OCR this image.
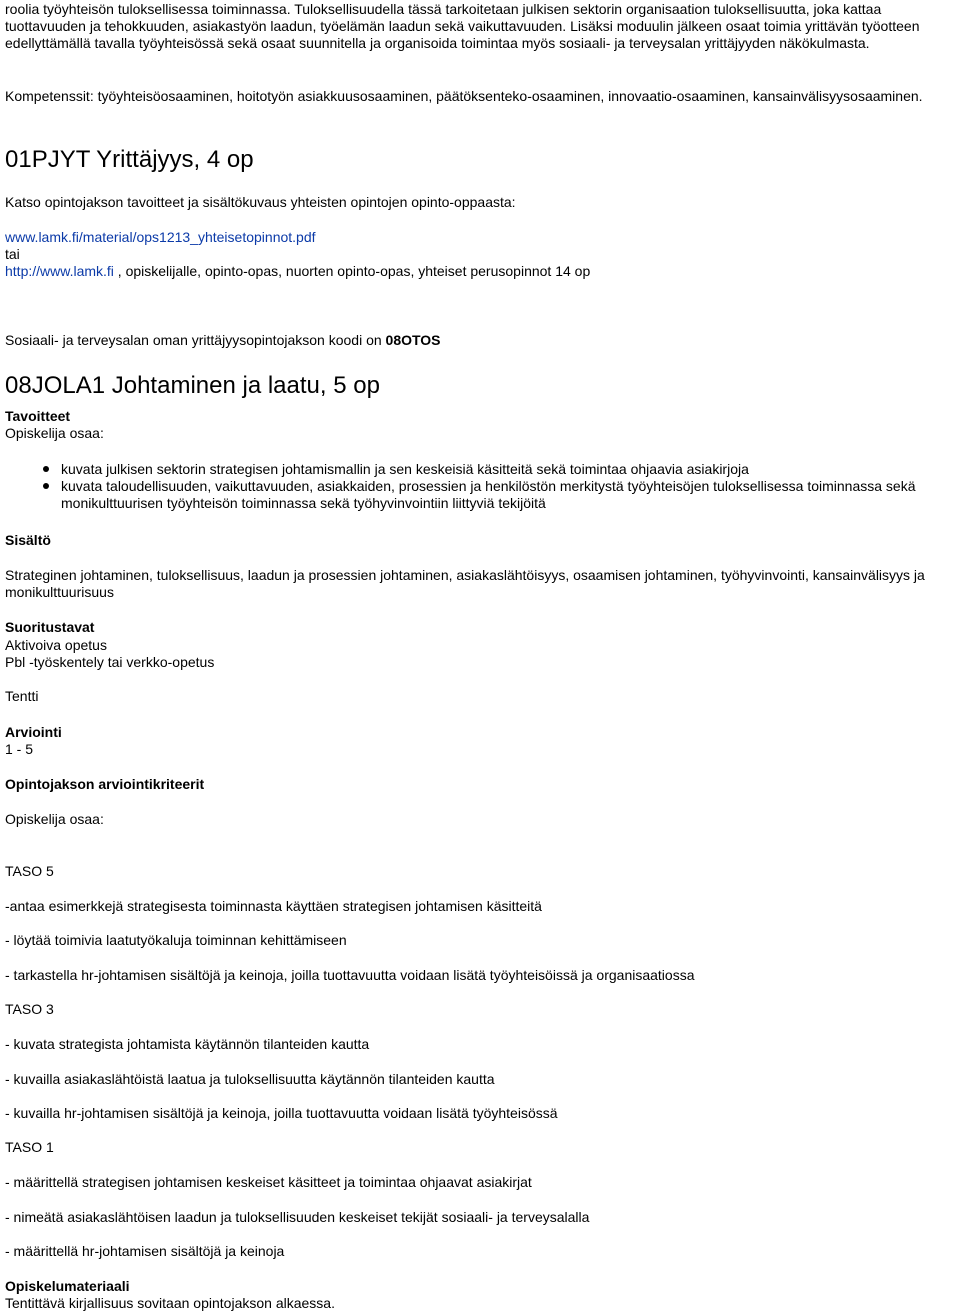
roolia työyhteisön tuloksellisessa toiminnassa. Tuloksellisuudella tässä tarkoitetaan julkisen sektorin organisaation tuloksellisuutta, joka kattaa tuottavuuden ja tehokkuuden, asiakastyön laadun, työelämän laadun sekä vaikuttavuuden. Lisäksi moduulin jälkeen osaat toimia yrittävän työotteen edellyttämällä tavalla työyhteisössä sekä osaat suunnitella ja organisoida toimintaa myös sosiaali- ja terveysalan yrittäjyyden näkökulmasta.

Kompetenssit: työyhteisöosaaminen, hoitotyön asiakkuusosaaminen, päätöksenteko-osaaminen, innovaatio-osaaminen, kansainvälisyysosaaminen.

01PJYT Yrittäjyys, 4 op

Katso opintojakson tavoitteet ja sisältökuvaus yhteisten opintojen opinto-oppaasta:

www.lamk.fi/material/ops1213_yhteisetopinnot.pdf

tai

http://www.lamk.fi , opiskelijalle, opinto-opas, nuorten opinto-opas, yhteiset perusopinnot 14 op

Sosiaali- ja terveysalan oman yrittäjyysopintojakson koodi on 08OTOS

08JOLA1 Johtaminen ja laatu, 5 op

Tavoitteet

Opiskelija osaa:

kuvata julkisen sektorin strategisen johtamismallin ja sen keskeisiä käsitteitä sekä toimintaa ohjaavia asiakirjoja
kuvata taloudellisuuden, vaikuttavuuden, asiakkaiden, prosessien ja henkilöstön merkitystä työyhteisöjen tuloksellisessa toiminnassa sekä monikulttuurisen työyhteisön toiminnassa sekä työhyvinvointiin liittyviä tekijöitä

Sisältö

Strateginen johtaminen, tuloksellisuus, laadun ja prosessien johtaminen, asiakaslähtöisyys, osaamisen johtaminen, työhyvinvointi, kansainvälisyys ja monikulttuurisuus

Suoritustavat

Aktivoiva opetus

Pbl -työskentely tai verkko-opetus

Tentti

Arviointi

1 - 5

Opintojakson arviointikriteerit

Opiskelija osaa:

TASO 5

-antaa esimerkkejä strategisesta toiminnasta käyttäen strategisen johtamisen käsitteitä

- löytää toimivia laatutyökaluja toiminnan kehittämiseen

- tarkastella hr-johtamisen sisältöjä ja keinoja, joilla tuottavuutta voidaan lisätä työyhteisöissä ja organisaatiossa

TASO 3

- kuvata strategista johtamista käytännön tilanteiden kautta

- kuvailla asiakaslähtöistä laatua ja tuloksellisuutta käytännön tilanteiden kautta

- kuvailla hr-johtamisen sisältöjä ja keinoja, joilla tuottavuutta voidaan lisätä työyhteisössä

TASO 1

- määrittellä strategisen johtamisen keskeiset käsitteet ja toimintaa ohjaavat asiakirjat

- nimeätä asiakaslähtöisen laadun ja tuloksellisuuden keskeiset tekijät sosiaali- ja terveysalalla

- määrittellä hr-johtamisen sisältöjä ja keinoja

Opiskelumateriaali

Tentittävä kirjallisuus sovitaan opintojakson alkaessa.
